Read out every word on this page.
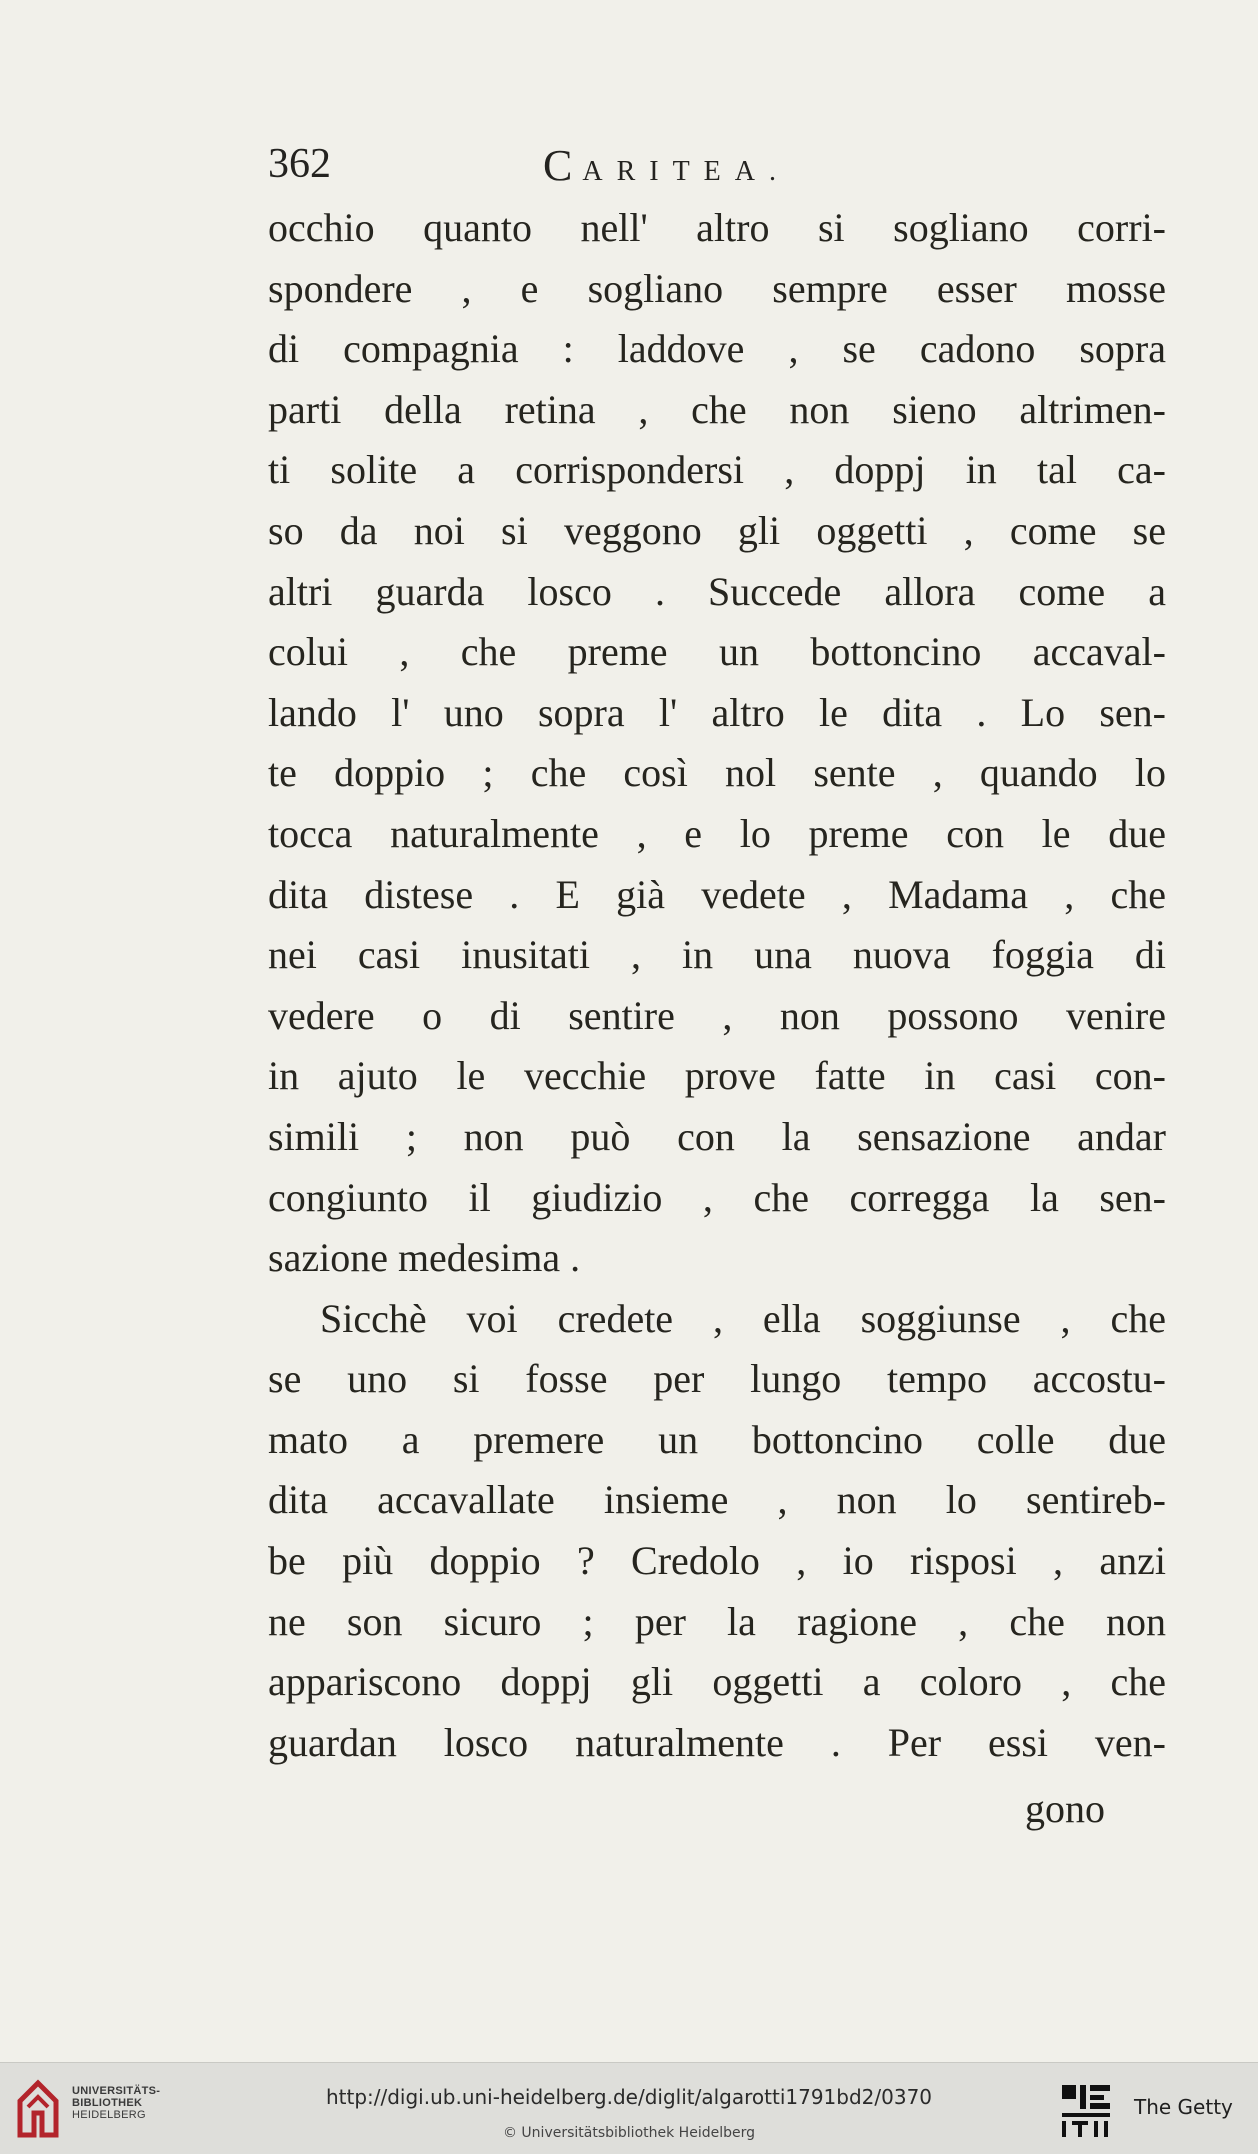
362	CARITEA.
occhio quanto nell' altro si sogliano corri-
spondere , e sogliano sempre esser mosse
di compagnia : laddove , se cadono sopra
parti della retina , che non sieno altrimen-
ti solite a corrispondersi , doppj in tal ca-
so da noi si veggono gli oggetti , come se
altri guarda losco . Succede allora come a
colui , che preme un bottoncino accaval-
lando l' uno sopra l' altro le dita . Lo sen-
te doppio ; che così nol sente , quando lo
tocca naturalmente , e lo preme con le due
dita distese . E già vedete , Madama , che
nei casi inusitati , in una nuova foggia di
vedere o di sentire , non possono venire
in ajuto le vecchie prove fatte in casi con-
simili ; non può con la sensazione andar
congiunto il giudizio , che corregga la sen-
sazione medesima .
Sicchè voi credete , ella soggiunse , che
se uno si fosse per lungo tempo accostu-
mato a premere un bottoncino colle due
dita accavallate insieme , non lo sentireb-
be più doppio ? Credolo , io risposi , anzi
ne son sicuro ; per la ragione , che non
appariscono doppj gli oggetti a coloro , che
guardan losco naturalmente . Per essi ven-
gono
UNIVERSITÄTS-
BIBLIOTHEK
HEIDELBERG
http://digi.ub.uni-heidelberg.de/diglit/algarotti1791bd2/0370
© Universitätsbibliothek Heidelberg
The Getty
